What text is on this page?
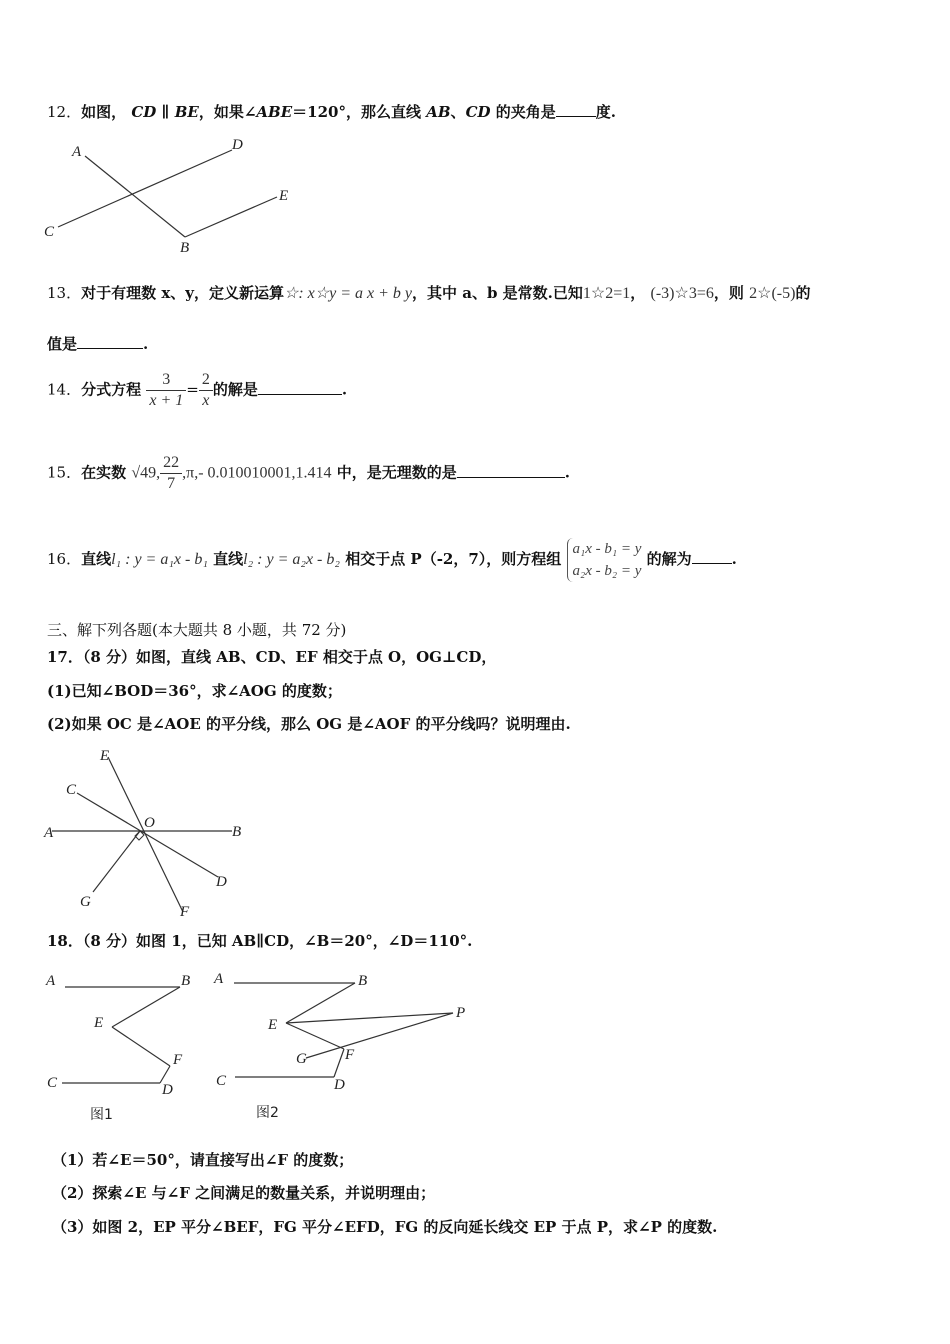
12．如图， CD ∥ BE，如果∠ABE＝120°，那么直线 AB、CD 的夹角是	度.
A	D
E
C
B
13．对于有理数 x、y，定义新运算☆: x☆y = a x + b y，其中 a、b 是常数.已知1☆2=1， (-3)☆3=6，则 2☆(-5)的
值是	.
14．分式方程 $\frac{3}{x + 1} = \frac{2}{x}$ 的解是	.
15．在实数 √49, $\frac{22}{7} ,\pi,-$ 0.010010001,1.414 中，是无理数的是	.
16．直线l₁ : y = a₁x - b₁ 直线l₂ : y = a₂x - b₂ 相交于点 P（-2，7），则方程组
a₁x - b₁ = y
a₂x - b₂ = y
的解为	.
三、解下列各题(本大题共 8 小题，共 72 分)
17．（8 分）如图，直线 AB、CD、EF 相交于点 O，OG⊥CD，
(1)已知∠BOD＝36°，求∠AOG 的度数；
(2)如果 OC 是∠AOE 的平分线，那么 OG 是∠AOF 的平分线吗？说明理由.
E
C
O
A	B
D
G
F
18．（8 分）如图 1，已知 AB∥CD，∠B＝20°，∠D＝110°.
A	B
E
F
C	D
图1
A	B
E
P
G	F
C	D
图2
（1）若∠E＝50°，请直接写出∠F 的度数；
（2）探索∠E 与∠F 之间满足的数量关系，并说明理由；
（3）如图 2，EP 平分∠BEF，FG 平分∠EFD，FG 的反向延长线交 EP 于点 P，求∠P 的度数.
